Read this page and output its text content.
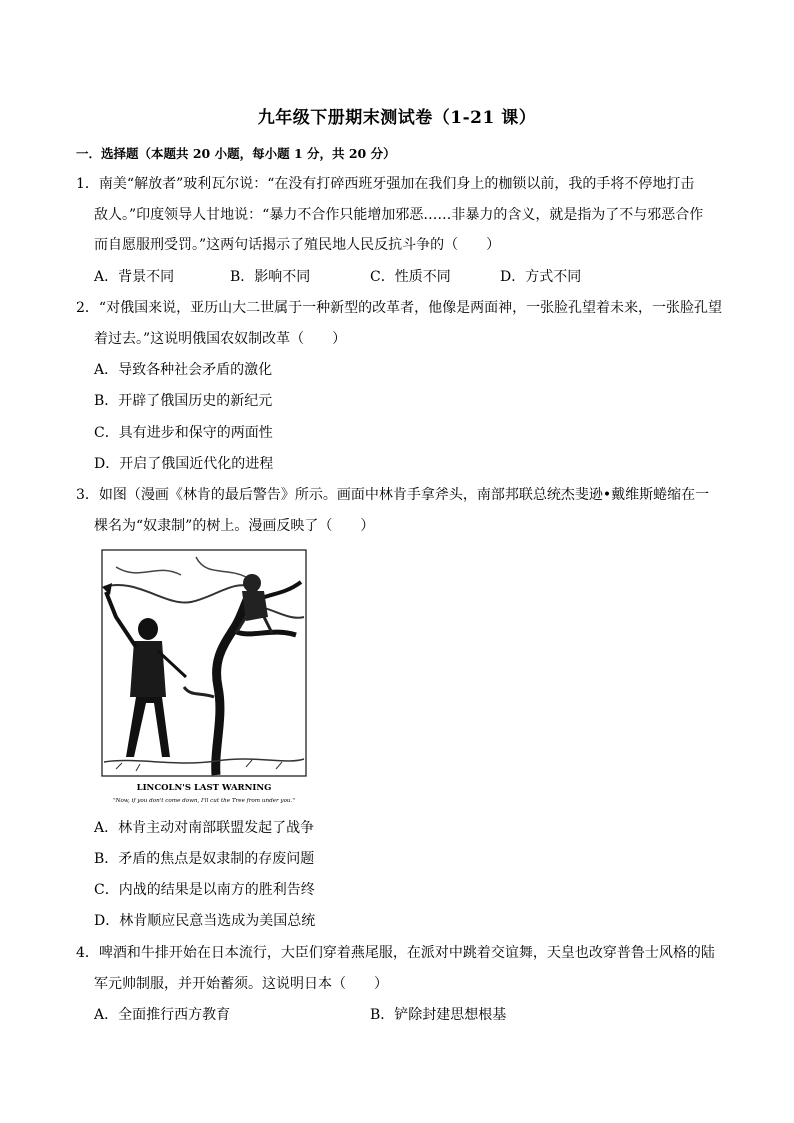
九年级下册期末测试卷（1-21 课）
一．选择题（本题共 20 小题，每小题 1 分，共 20 分）
1．南美“解放者”玻利瓦尔说：“在没有打碎西班牙强加在我们身上的枷锁以前，我的手将不停地打击
敌人。”印度领导人甘地说：“暴力不合作只能增加邪恶……非暴力的含义，就是指为了不与邪恶合作
而自愿服刑受罚。”这两句话揭示了殖民地人民反抗斗争的（　　）
A．背景不同	B．影响不同	C．性质不同	D．方式不同
2．“对俄国来说，亚历山大二世属于一种新型的改革者，他像是两面神，一张脸孔望着未来，一张脸孔望
着过去。”这说明俄国农奴制改革（　　）
A．导致各种社会矛盾的激化
B．开辟了俄国历史的新纪元
C．具有进步和保守的两面性
D．开启了俄国近代化的进程
3．如图（漫画《林肯的最后警告》所示。画面中林肯手拿斧头，南部邦联总统杰斐逊•戴维斯蜷缩在一
棵名为“奴隶制”的树上。漫画反映了（　　）
LINCOLN'S LAST WARNING
"Now, if you don't come down, I'll cut the Tree from under you."
A．林肯主动对南部联盟发起了战争
B．矛盾的焦点是奴隶制的存废问题
C．内战的结果是以南方的胜利告终
D．林肯顺应民意当选成为美国总统
4．啤酒和牛排开始在日本流行，大臣们穿着燕尾服，在派对中跳着交谊舞，天皇也改穿普鲁士风格的陆
军元帅制服，并开始蓄须。这说明日本（　　）
A．全面推行西方教育	B．铲除封建思想根基
